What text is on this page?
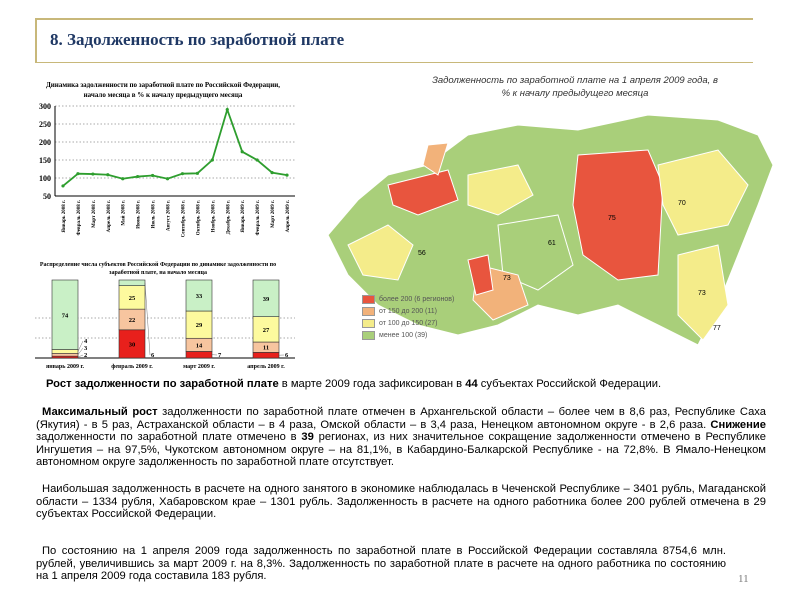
8. Задолженность по заработной плате
Динамика задолженности по заработной плате по Российской Федерации, начало месяца в % к началу предыдущего месяца
50
100
150
200
250
300
Январь 2008 г. Февраль 2008 г. Март 2008 г. Апрель 2008 г. Май 2008 г. Июнь 2008 г. Июль 2008 г. Август 2008 г. Сентябрь 2008 г. Октябрь 2008 г. Ноябрь 2008 г. Декабрь 2008 г. Январь 2009 г. Февраль 2009 г. Март 2009 г. Апрель 2009 г.
Распределение числа субъектов Российской Федерации по динамике задолженности по заработной плате, на начало месяца
2
3
4
74
январь 2009 г.
30
22
25
6
февраль 2009 г.
7
14
29
33
март 2009 г.
6
11
27
39
апрель 2009 г.
Задолженность по заработной плате на 1 апреля 2009 года, в % к началу предыдущего месяца
75
61
73
77
73
70
56
более 200 (6 регионов)
от 150 до 200 (11)
от 100 до 150 (27)
менее 100 (39)
Рост задолженности по заработной плате в марте 2009 года зафиксирован в 44 субъектах Российской Федерации.
Максимальный рост задолженности по заработной плате отмечен в Архангельской области – более чем в 8,6 раз, Республике Саха (Якутия) - в 5 раз, Астраханской области – в 4 раза, Омской области – в 3,4 раза, Ненецком автономном округе - в 2,6 раза. Снижение задолженности по заработной плате отмечено в 39 регионах, из них значительное сокращение задолженности отмечено в Республике Ингушетия – на 97,5%, Чукотском автономном округе – на 81,1%, в Кабардино-Балкарской Республике - на 72,8%. В Ямало-Ненецком автономном округе задолженность по заработной плате отсутствует.
Наибольшая задолженность в расчете на одного занятого в экономике наблюдалась в Чеченской Республике – 3401 рубль, Магаданской области – 1334 рубля, Хабаровском крае – 1301 рубль. Задолженность в расчете на одного работника более 200 рублей отмечена в 29 субъектах Российской Федерации.
По состоянию на 1 апреля 2009 года задолженность по заработной плате в Российской Федерации составляла 8754,6 млн. рублей, увеличившись за март 2009 г. на 8,3%. Задолженность по заработной плате в расчете на одного работника по состоянию на 1 апреля 2009 года составила 183 рубля.	11
